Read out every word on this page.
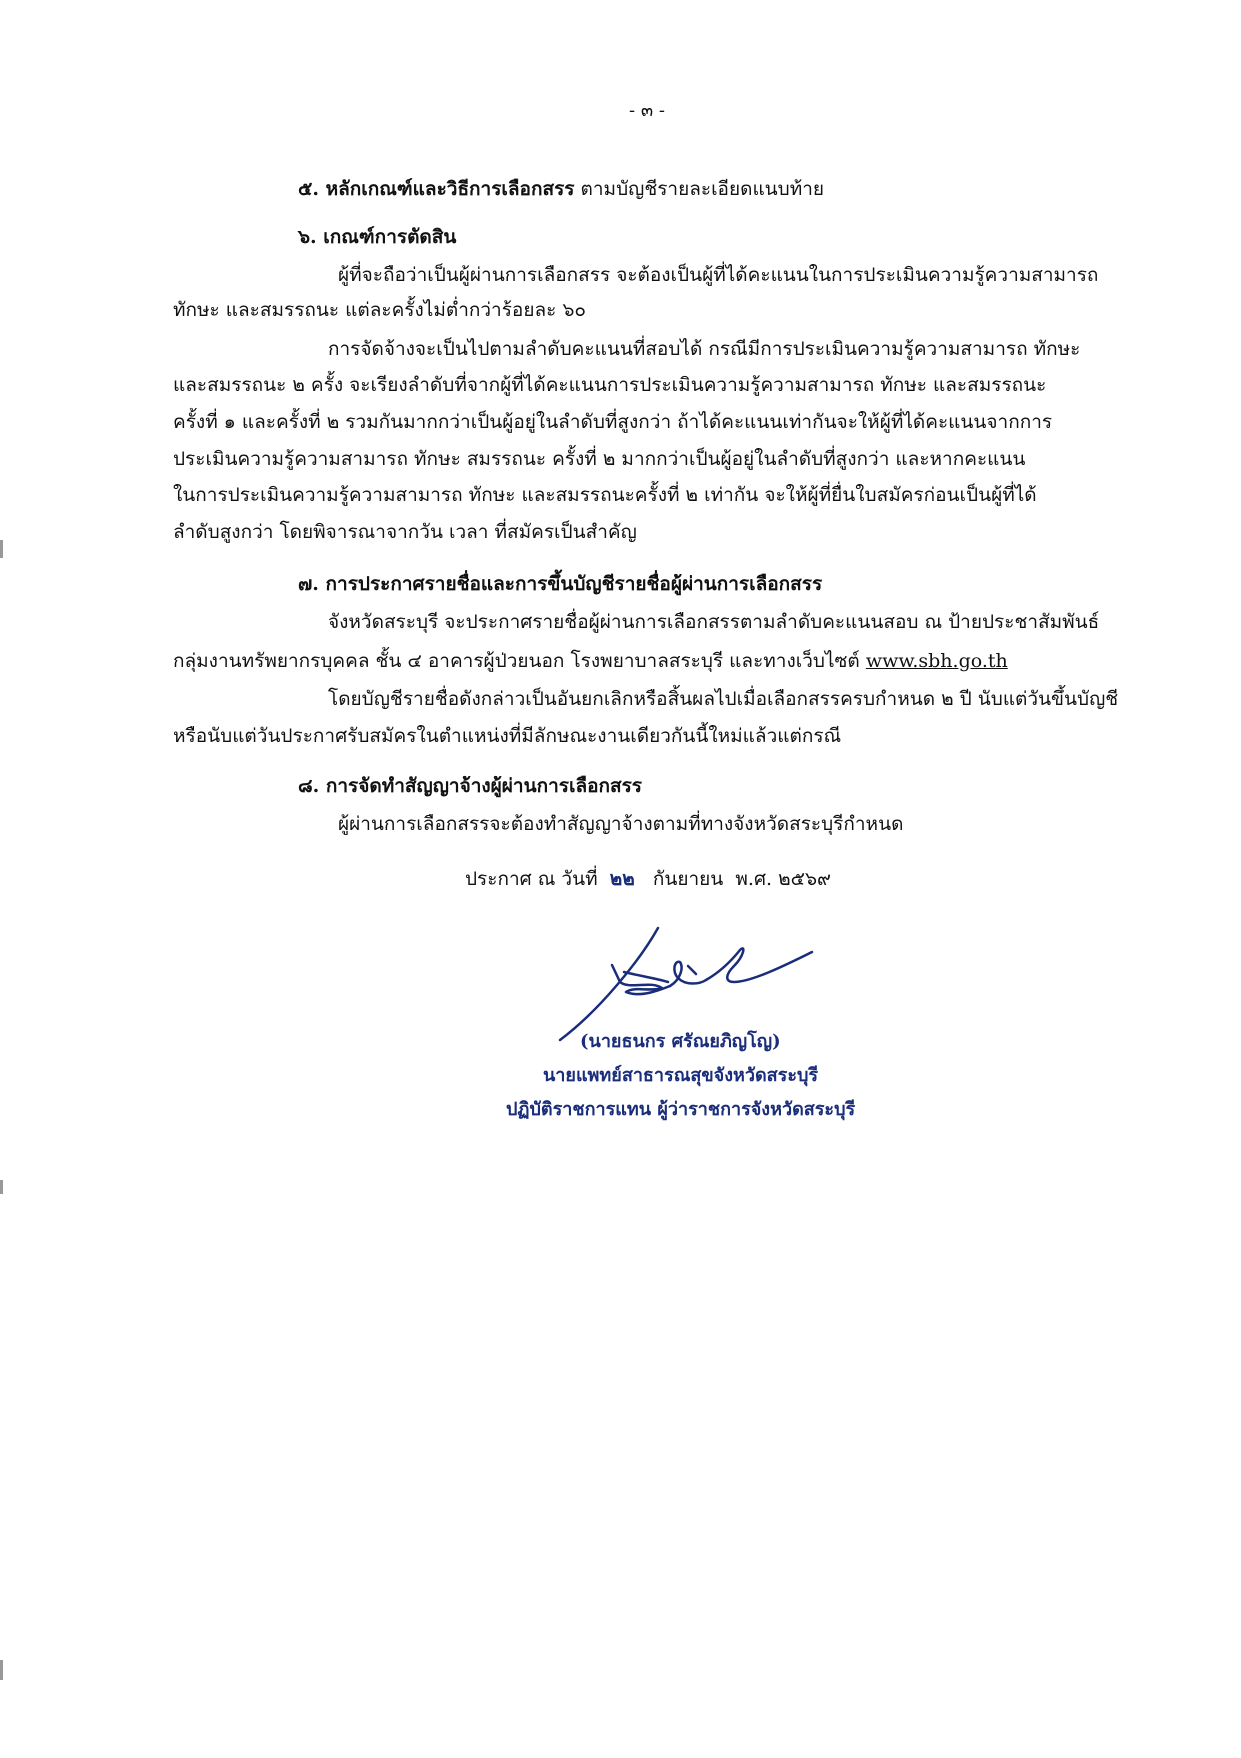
- ๓ -
๕. หลักเกณฑ์และวิธีการเลือกสรร ตามบัญชีรายละเอียดแนบท้าย
๖. เกณฑ์การตัดสิน
ผู้ที่จะถือว่าเป็นผู้ผ่านการเลือกสรร จะต้องเป็นผู้ที่ได้คะแนนในการประเมินความรู้ความสามารถ
ทักษะ และสมรรถนะ แต่ละครั้งไม่ต่ำกว่าร้อยละ ๖๐
การจัดจ้างจะเป็นไปตามลำดับคะแนนที่สอบได้ กรณีมีการประเมินความรู้ความสามารถ ทักษะ
และสมรรถนะ ๒ ครั้ง จะเรียงลำดับที่จากผู้ที่ได้คะแนนการประเมินความรู้ความสามารถ ทักษะ และสมรรถนะ
ครั้งที่ ๑ และครั้งที่ ๒ รวมกันมากกว่าเป็นผู้อยู่ในลำดับที่สูงกว่า ถ้าได้คะแนนเท่ากันจะให้ผู้ที่ได้คะแนนจากการ
ประเมินความรู้ความสามารถ ทักษะ สมรรถนะ ครั้งที่ ๒ มากกว่าเป็นผู้อยู่ในลำดับที่สูงกว่า และหากคะแนน
ในการประเมินความรู้ความสามารถ ทักษะ และสมรรถนะครั้งที่ ๒ เท่ากัน จะให้ผู้ที่ยื่นใบสมัครก่อนเป็นผู้ที่ได้
ลำดับสูงกว่า โดยพิจารณาจากวัน เวลา ที่สมัครเป็นสำคัญ
๗. การประกาศรายชื่อและการขึ้นบัญชีรายชื่อผู้ผ่านการเลือกสรร
จังหวัดสระบุรี จะประกาศรายชื่อผู้ผ่านการเลือกสรรตามลำดับคะแนนสอบ ณ ป้ายประชาสัมพันธ์
กลุ่มงานทรัพยากรบุคคล ชั้น ๔ อาคารผู้ป่วยนอก โรงพยาบาลสระบุรี และทางเว็บไซต์ www.sbh.go.th
โดยบัญชีรายชื่อดังกล่าวเป็นอันยกเลิกหรือสิ้นผลไปเมื่อเลือกสรรครบกำหนด ๒ ปี นับแต่วันขึ้นบัญชี
หรือนับแต่วันประกาศรับสมัครในตำแหน่งที่มีลักษณะงานเดียวกันนี้ใหม่แล้วแต่กรณี
๘. การจัดทำสัญญาจ้างผู้ผ่านการเลือกสรร
ผู้ผ่านการเลือกสรรจะต้องทำสัญญาจ้างตามที่ทางจังหวัดสระบุรีกำหนด
ประกาศ ณ วันที่ ๒๒ กันยายน พ.ศ. ๒๕๖๙
(นายธนกร ศรัณยภิญโญ)
นายแพทย์สาธารณสุขจังหวัดสระบุรี
ปฏิบัติราชการแทน ผู้ว่าราชการจังหวัดสระบุรี
